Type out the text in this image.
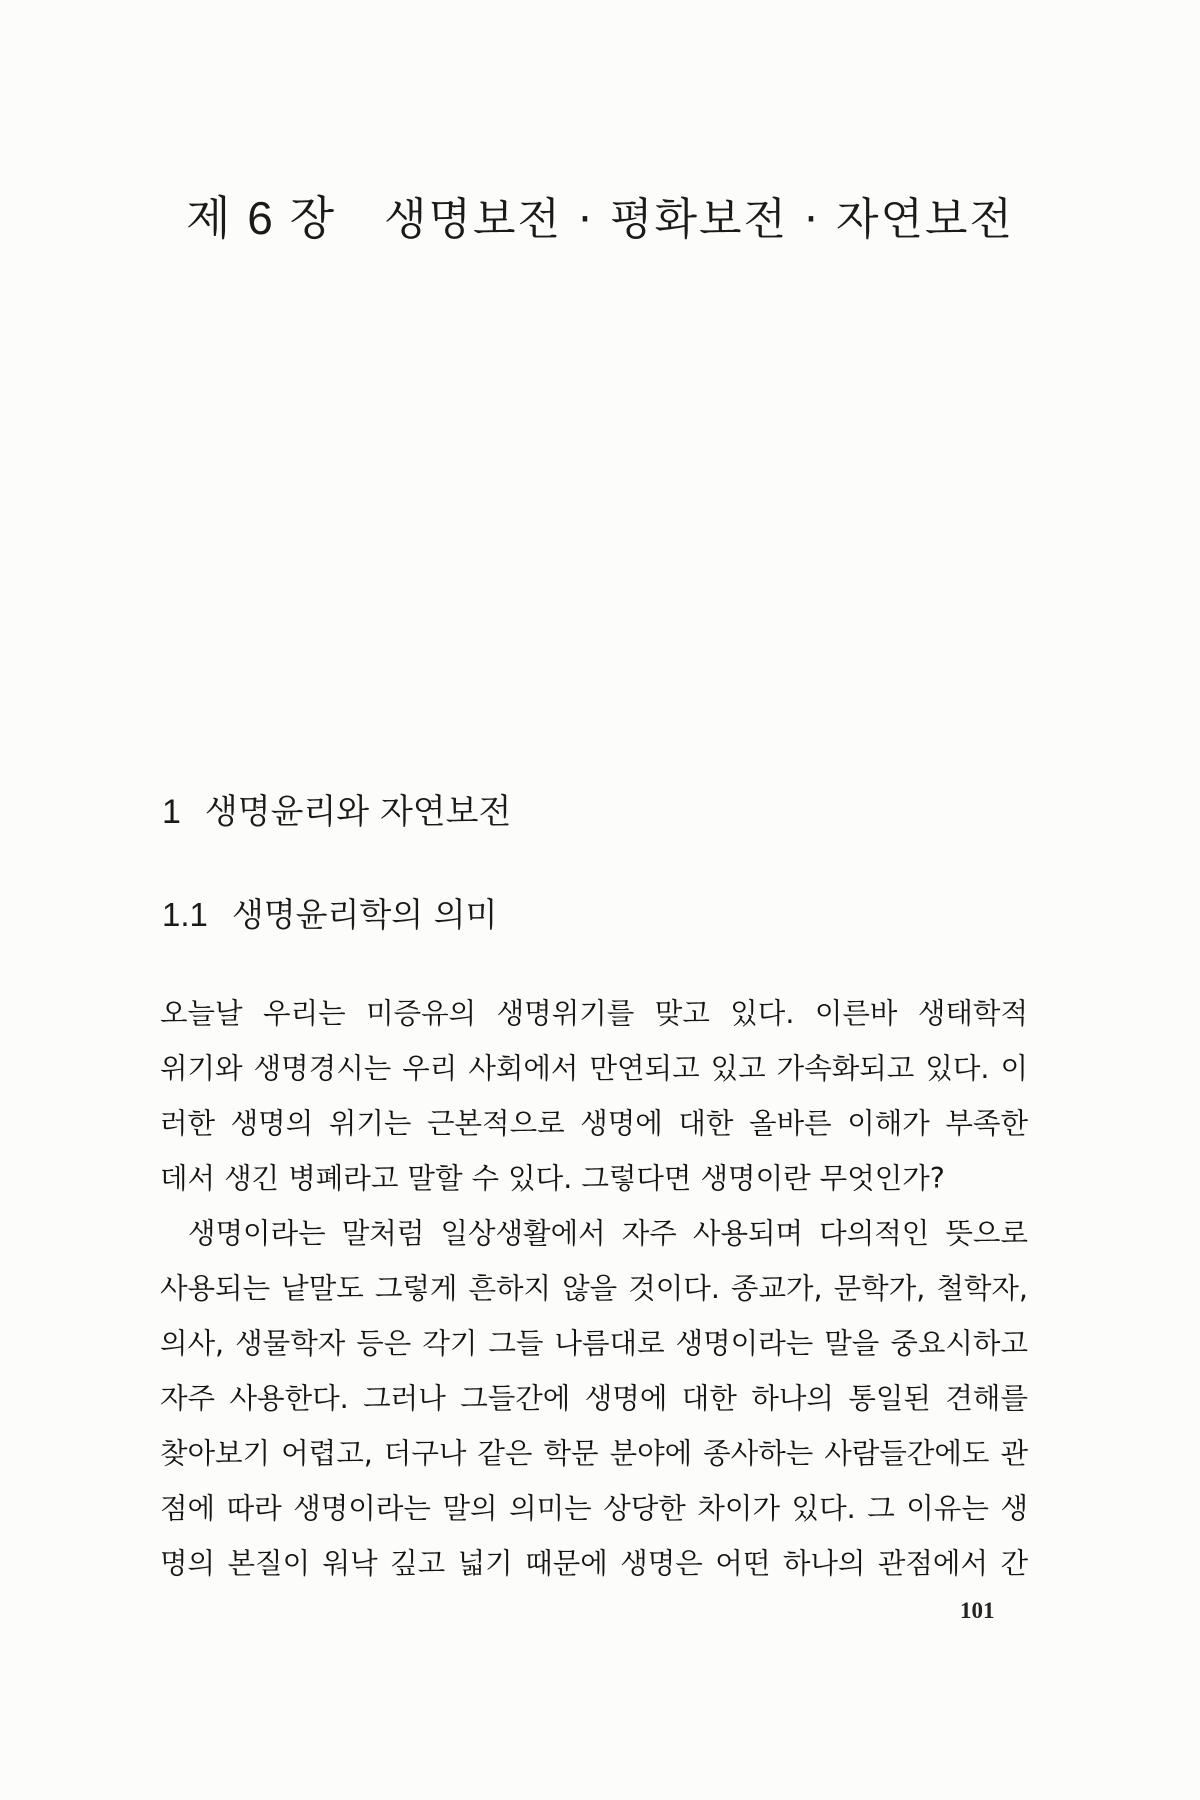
제 6 장 생명보전 · 평화보전 · 자연보전
1 생명윤리와 자연보전
1.1 생명윤리학의 의미
오늘날 우리는 미증유의 생명위기를 맞고 있다. 이른바 생태학적
위기와 생명경시는 우리 사회에서 만연되고 있고 가속화되고 있다. 이
러한 생명의 위기는 근본적으로 생명에 대한 올바른 이해가 부족한
데서 생긴 병폐라고 말할 수 있다. 그렇다면 생명이란 무엇인가?
생명이라는 말처럼 일상생활에서 자주 사용되며 다의적인 뜻으로
사용되는 낱말도 그렇게 흔하지 않을 것이다. 종교가, 문학가, 철학자,
의사, 생물학자 등은 각기 그들 나름대로 생명이라는 말을 중요시하고
자주 사용한다. 그러나 그들간에 생명에 대한 하나의 통일된 견해를
찾아보기 어렵고, 더구나 같은 학문 분야에 종사하는 사람들간에도 관
점에 따라 생명이라는 말의 의미는 상당한 차이가 있다. 그 이유는 생
명의 본질이 워낙 깊고 넓기 때문에 생명은 어떤 하나의 관점에서 간
101
